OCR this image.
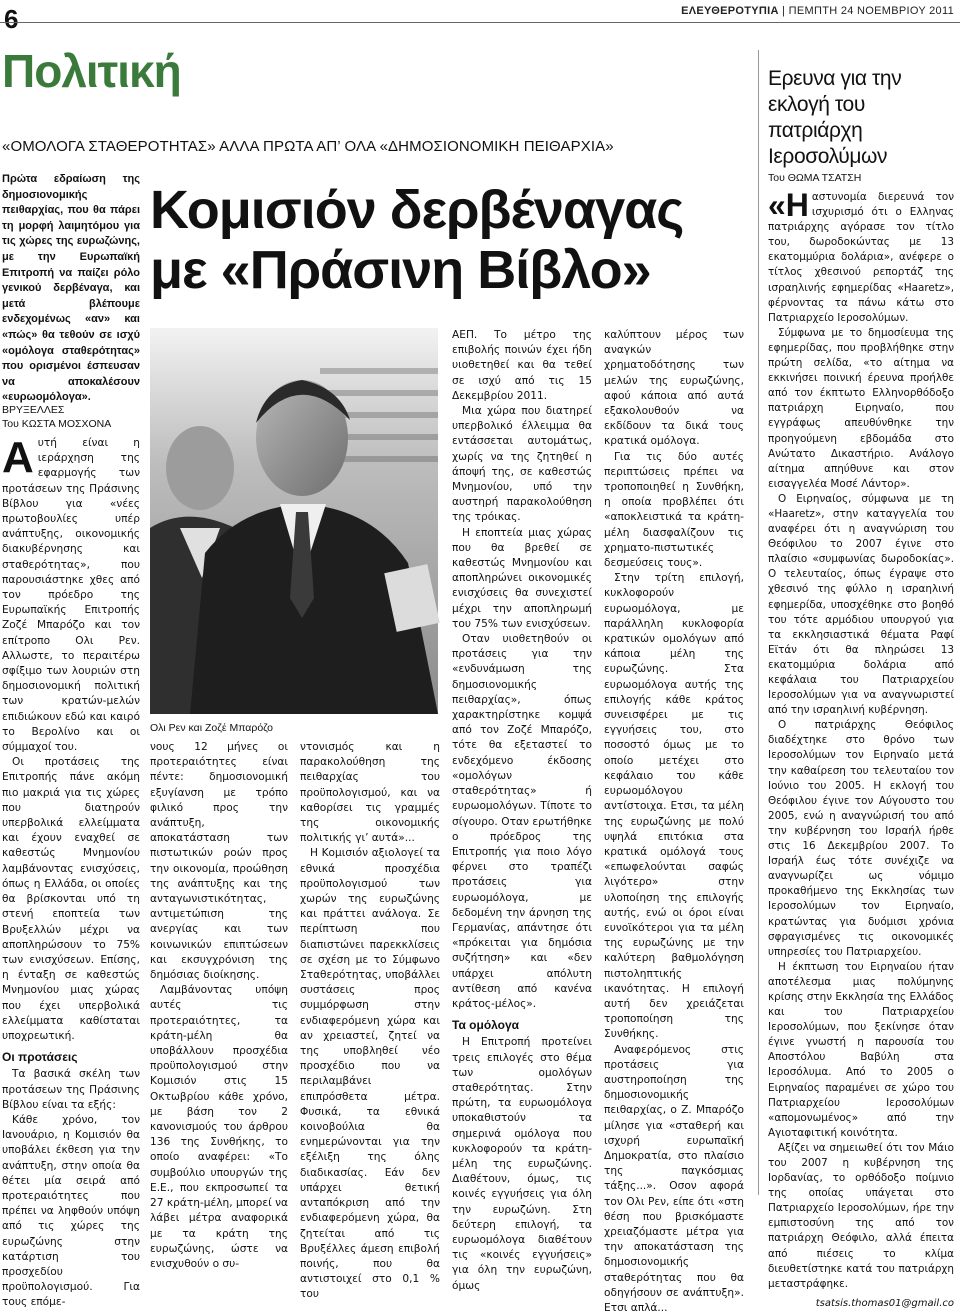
6	ΕΛΕΥΘΕΡΟΤΥΠΙΑ | ΠΕΜΠΤΗ 24 ΝΟΕΜΒΡΙΟΥ 2011
Πολιτική
«ΟΜΟΛΟΓΑ ΣΤΑΘΕΡΟΤΗΤΑΣ» ΑΛΛΑ ΠΡΩΤΑ ΑΠ’ ΟΛΑ «ΔΗΜΟΣΙΟΝΟΜΙΚΗ ΠΕΙΘΑΡΧΙΑ»
Κομισιόν δερβέναγας με «Πράσινη Βίβλο»
Πρώτα εδραίωση της δημοσιονομικής πειθαρχίας, που θα πάρει τη μορφή λαιμητόμου για τις χώρες της ευρωζώνης, με την Ευρωπαϊκή Επιτροπή να παίζει ρόλο γενικού δερβέναγα, και μετά βλέπουμε ενδεχομένως «αν» και «πώς» θα τεθούν σε ισχύ «ομόλογα σταθερότητας» που ορισμένοι έσπευσαν να αποκαλέσουν «ευρωομόλογα».
ΒΡΥΞΕΛΛΕΣ
Του ΚΩΣΤΑ ΜΟΣΧΟΝΑ

Αυτή είναι η ιεράρχηση της εφαρμογής των προτάσεων της Πράσινης Βίβλου για «νέες πρωτοβουλίες υπέρ ανάπτυξης, οικονομικής διακυβέρνησης και σταθερότητας», που παρουσιάστηκε χθες από τον πρόεδρο της Ευρωπαϊκής Επιτροπής Ζοζέ Μπαρόζο και τον επίτροπο Ολι Ρεν. Αλλωστε, το περαιτέρω σφίξιμο των λουριών στη δημοσιονομική πολιτική των κρατών-μελών επιδιώκουν εδώ και καιρό το Βερολίνο και οι σύμμαχοί του.

Οι προτάσεις της Επιτροπής πάνε ακόμη πιο μακριά για τις χώρες που διατηρούν υπερβολικά ελλείμματα και έχουν εναχθεί σε καθεστώς Μνημονίου λαμβάνοντας ενισχύσεις, όπως η Ελλάδα, οι οποίες θα βρίσκονται υπό τη στενή εποπτεία των Βρυξελλών μέχρι να αποπληρώσουν το 75% των ενισχύσεων. Επίσης, η ένταξη σε καθεστώς Μνημονίου μιας χώρας που έχει υπερβολικά ελλείμματα καθίσταται υποχρεωτική.

Οι προτάσεις

Τα βασικά σκέλη των προτάσεων της Πράσινης Βίβλου είναι τα εξής:

Κάθε χρόνο, τον Ιανουάριο, η Κομισιόν θα υποβάλει έκθεση για την ανάπτυξη, στην οποία θα θέτει μία σειρά από προτεραιότητες που πρέπει να ληφθούν υπόψη από τις χώρες της ευρωζώνης στην κατάρτιση του προσχεδίου προϋπολογισμού. Για τους επόμε-

Ολι Ρεν και Ζοζέ Μπαρόζο

νους 12 μήνες οι προτεραιότητες είναι πέντε: δημοσιονομική εξυγίανση με τρόπο φιλικό προς την ανάπτυξη, αποκατάσταση των πιστωτικών ροών προς την οικονομία, προώθηση της ανάπτυξης και της ανταγωνιστικότητας, αντιμετώπιση της ανεργίας και των κοινωνικών επιπτώσεων και εκσυγχρόνιση της δημόσιας διοίκησης.

Λαμβάνοντας υπόψη αυτές τις προτεραιότητες, τα κράτη-μέλη θα υποβάλλουν προσχέδια προϋπολογισμού στην Κομισιόν στις 15 Οκτωβρίου κάθε χρόνο, με βάση τον 2 κανονισμούς του άρθρου 136 της Συνθήκης, το οποίο αναφέρει: «Το συμβούλιο υπουργών της Ε.Ε., που εκπροσωπεί τα 27 κράτη-μέλη, μπορεί να λάβει μέτρα αναφορικά με τα κράτη της ευρωζώνης, ώστε να ενισχυθούν ο συ-

ντονισμός και η παρακολούθηση της πειθαρχίας του προϋπολογισμού, και να καθορίσει τις γραμμές της οικονομικής πολιτικής γι’ αυτά»...

Η Κομισιόν αξιολογεί τα εθνικά προσχέδια προϋπολογισμού των χωρών της ευρωζώνης και πράττει ανάλογα. Σε περίπτωση που διαπιστώνει παρεκκλίσεις σε σχέση με το Σύμφωνο Σταθερότητας, υποβάλλει συστάσεις προς συμμόρφωση στην ενδιαφερόμενη χώρα και αν χρειαστεί, ζητεί να της υποβληθεί νέο προσχέδιο που να περιλαμβάνει επιπρόσθετα μέτρα. Φυσικά, τα εθνικά κοινοβούλια θα ενημερώνονται για την εξέλιξη της όλης διαδικασίας. Εάν δεν υπάρχει θετική ανταπόκριση από την ενδιαφερόμενη χώρα, θα ζητείται από τις Βρυξέλλες άμεση επιβολή ποινής, που θα αντιστοιχεί στο 0,1 % του

ΑΕΠ. Το μέτρο της επιβολής ποινών έχει ήδη υιοθετηθεί και θα τεθεί σε ισχύ από τις 15 Δεκεμβρίου 2011.

Μια χώρα που διατηρεί υπερβολικό έλλειμμα θα εντάσσεται αυτομάτως, χωρίς να της ζητηθεί η άποψή της, σε καθεστώς Μνημονίου, υπό την αυστηρή παρακολούθηση της τρόικας.

Η εποπτεία μιας χώρας που θα βρεθεί σε καθεστώς Μνημονίου και αποπληρώνει οικονομικές ενισχύσεις θα συνεχιστεί μέχρι την αποπληρωμή του 75% των ενισχύσεων.

Οταν υιοθετηθούν οι προτάσεις για την «ενδυνάμωση της δημοσιονομικής πειθαρχίας», όπως χαρακτηρίστηκε κομψά από τον Ζοζέ Μπαρόζο, τότε θα εξεταστεί το ενδεχόμενο έκδοσης «ομολόγων σταθερότητας» ή ευρωομολόγων. Τίποτε το σίγουρο. Οταν ερωτήθηκε ο πρόεδρος της Επιτροπής για ποιο λόγο φέρνει στο τραπέζι προτάσεις για ευρωομόλογα, με δεδομένη την άρνηση της Γερμανίας, απάντησε ότι «πρόκειται για δημόσια συζήτηση» και «δεν υπάρχει απόλυτη αντίθεση από κανένα κράτος-μέλος».

Τα ομόλογα

Η Επιτροπή προτείνει τρεις επιλογές στο θέμα των ομολόγων σταθερότητας. Στην πρώτη, τα ευρωομόλογα υποκαθιστούν τα σημερινά ομόλογα που κυκλοφορούν τα κράτη-μέλη της ευρωζώνης. Διαθέτουν, όμως, τις κοινές εγγυήσεις για όλη την ευρωζώνη. Στη δεύτερη επιλογή, τα ευρωομόλογα διαθέτουν τις «κοινές εγγυήσεις» για όλη την ευρωζώνη, όμως

καλύπτουν μέρος των αναγκών χρηματοδότησης των μελών της ευρωζώνης, αφού κάποια από αυτά εξακολουθούν να εκδίδουν τα δικά τους κρατικά ομόλογα.

Για τις δύο αυτές περιπτώσεις πρέπει να τροποποιηθεί η Συνθήκη, η οποία προβλέπει ότι «αποκλειστικά τα κράτη-μέλη διασφαλίζουν τις χρηματο-πιστωτικές δεσμεύσεις τους».

Στην τρίτη επιλογή, κυκλοφορούν ευρωομόλογα, με παράλληλη κυκλοφορία κρατικών ομολόγων από κάποια μέλη της ευρωζώνης. Στα ευρωομόλογα αυτής της επιλογής κάθε κράτος συνεισφέρει με τις εγγυήσεις του, στο ποσοστό όμως με το οποίο μετέχει στο κεφάλαιο του κάθε ευρωομόλογου αντίστοιχα. Ετσι, τα μέλη της ευρωζώνης με πολύ υψηλά επιτόκια στα κρατικά ομόλογά τους «επωφελούνται σαφώς λιγότερο» στην υλοποίηση της επιλογής αυτής, ενώ οι όροι είναι ευνοϊκότεροι για τα μέλη της ευρωζώνης με την καλύτερη βαθμολόγηση πιστοληπτικής ικανότητας. Η επιλογή αυτή δεν χρειάζεται τροποποίηση της Συνθήκης.

Αναφερόμενος στις προτάσεις για αυστηροποίηση της δημοσιονομικής πειθαρχίας, ο Ζ. Μπαρόζο μίλησε για «σταθερή και ισχυρή ευρωπαϊκή Δημοκρατία, στο πλαίσιο της παγκόσμιας τάξης...». Οσον αφορά τον Ολι Ρεν, είπε ότι «στη θέση που βρισκόμαστε χρειαζόμαστε μέτρα για την αποκατάσταση της δημοσιονομικής σταθερότητας που θα οδηγήσουν σε ανάπτυξη». Ετσι απλά...

Ερευνα για την εκλογή του πατριάρχη Ιεροσολύμων
Του ΘΩΜΑ ΤΣΑΤΣΗ

«Ηαστυνομία διερευνά τον ισχυρισμό ότι ο Ελληνας πατριάρχης αγόρασε τον τίτλο του, δωροδοκώντας με 13 εκατομμύρια δολάρια», ανέφερε ο τίτλος χθεσινού ρεπορτάζ της ισραηλινής εφημερίδας «Haaretz», φέρνοντας τα πάνω κάτω στο Πατριαρχείο Ιεροσολύμων.

Σύμφωνα με το δημοσίευμα της εφημερίδας, που προβλήθηκε στην πρώτη σελίδα, «το αίτημα να εκκινήσει ποινική έρευνα προήλθε από τον έκπτωτο Ελληνορθόδοξο πατριάρχη Ειρηναίο, που εγγράφως απευθύνθηκε την προηγούμενη εβδομάδα στο Ανώτατο Δικαστήριο. Ανάλογο αίτημα απηύθυνε και στον εισαγγελέα Μοσέ Λάντορ».

Ο Ειρηναίος, σύμφωνα με τη «Haaretz», στην καταγγελία του αναφέρει ότι η αναγνώριση του Θεόφιλου το 2007 έγινε στο πλαίσιο «συμφωνίας δωροδοκίας». Ο τελευταίος, όπως έγραψε στο χθεσινό της φύλλο η ισραηλινή εφημερίδα, υποσχέθηκε στο βοηθό του τότε αρμόδιου υπουργού για τα εκκλησιαστικά θέματα Ραφί Εϊτάν ότι θα πληρώσει 13 εκατομμύρια δολάρια από κεφάλαια του Πατριαρχείου Ιεροσολύμων για να αναγνωριστεί από την ισραηλινή κυβέρνηση.

Ο πατριάρχης Θεόφιλος διαδέχτηκε στο θρόνο των Ιεροσολύμων τον Ειρηναίο μετά την καθαίρεση του τελευταίου τον Ιούνιο του 2005. Η εκλογή του Θεόφιλου έγινε τον Αύγουστο του 2005, ενώ η αναγνώρισή του από την κυβέρνηση του Ισραήλ ήρθε στις 16 Δεκεμβρίου 2007. Το Ισραήλ έως τότε συνέχιζε να αναγνωρίζει ως νόμιμο προκαθήμενο της Εκκλησίας των Ιεροσολύμων τον Ειρηναίο, κρατώντας για δυόμισι χρόνια σφραγισμένες τις οικονομικές υπηρεσίες του Πατριαρχείου.

Η έκπτωση του Ειρηναίου ήταν αποτέλεσμα μιας πολύμηνης κρίσης στην Εκκλησία της Ελλάδος και του Πατριαρχείου Ιεροσολύμων, που ξεκίνησε όταν έγινε γνωστή η παρουσία του Αποστόλου Βαβύλη στα Ιεροσόλυμα. Από το 2005 ο Ειρηναίος παραμένει σε χώρο του Πατριαρχείου Ιεροσολύμων «απομονωμένος» από την Αγιοταφιτική κοινότητα.

Αξίζει να σημειωθεί ότι τον Μάιο του 2007 η κυβέρνηση της Ιορδανίας, το ορθόδοξο ποίμνιο της οποίας υπάγεται στο Πατριαρχείο Ιεροσολύμων, ήρε την εμπιστοσύνη της από τον πατριάρχη Θεόφιλο, αλλά έπειτα από πιέσεις το κλίμα διευθετίστηκε κατά του πατριάρχη μεταστράφηκε.

tsatsis.thomas01@gmail.co
